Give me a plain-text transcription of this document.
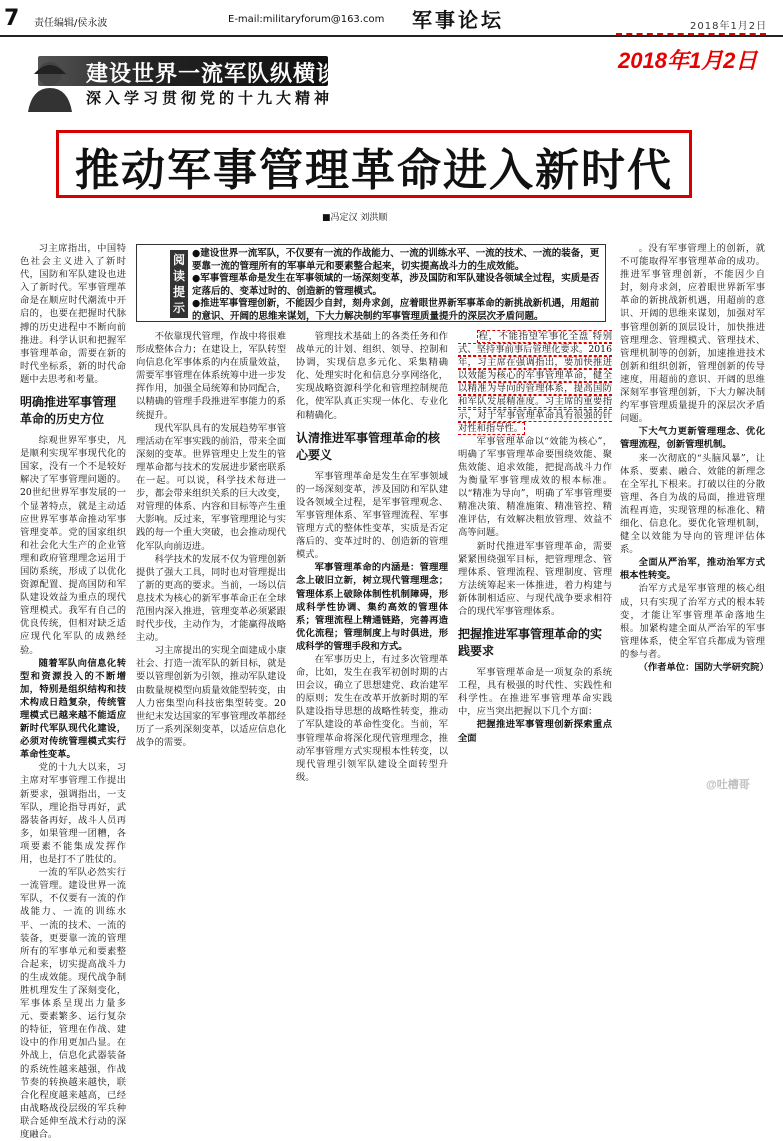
7 责任编辑/侯永波	E-mail:militaryforum@163.com 军事论坛	2018年1月2日
2018年1月2日
建设世界一流军队纵横谈
深入学习贯彻党的十九大精神
推动军事管理革命进入新时代
■冯定汉 刘洪顺
阅读提示
●建设世界一流军队，不仅要有一流的作战能力、一流的训练水平、一流的技术、一流的装备，更要靠一流的管理所有的军事单元和要素整合起来，切实提高战斗力的生成效能。
●军事管理革命是发生在军事领域的一场深刻变革，涉及国防和军队建设各领域全过程，实质是否定落后的、变革过时的、创造新的管理模式。
●推进军事管理创新，不能因少自封，刻舟求剑，应着眼世界新军事革命的新挑战新机遇，用超前的意识、开阔的思维来谋划，下大力解决制约军事管理质量提升的深层次矛盾问题。

习主席指出，中国特色社会主义进入了新时代，国防和军队建设也进入了新时代。军事管理革命是在顺应时代潮流中开启的，也要在把握时代脉搏的历史进程中不断向前推进。科学认识和把握军事管理革命，需要在新的时代坐标系，新的时代命题中去思考和考量。

明确推进军事管理革命的历史方位

综观世界军事史，凡是顺利实现军事现代化的国家，没有一个不是较好解决了军事管理问题的。20世纪世界军事发展的一个显著特点，就是主动适应世界军事革命推动军事管理变革。党的国家组织和社会化大生产的企业管理和政府管理理念运用于国防系统，形成了以优化资源配置、提高国防和军队建设效益为重点的现代管理模式。我军有自己的优良传统，但相对缺乏适应现代化军队的成熟经验。

随着军队向信息化转型和资源投入的不断增加，特别是组织结构和技术构成日趋复杂，传统管理模式已越来越不能适应新时代军队现代化建设，必须对传统管理模式实行革命性变革。

党的十九大以来，习主席对军事管理工作提出新要求，强调指出，一支军队，理论指导再好，武器装备再好，战斗人员再多，如果管理一团糟，各项要素不能集成发挥作用，也是打不了胜仗的。

一流的军队必然实行一流管理。建设世界一流军队，不仅要有一流的作战能力、一流的训练水平、一流的技术、一流的装备，更要靠一流的管理所有的军事单元和要素整合起来，切实提高战斗力的生成效能。现代战争制胜机理发生了深刻变化，军事体系呈现出力量多元、要素繁多、运行复杂的特征，管理在作战、建设中的作用更加凸显。在外战上，信息化武器装备的系统性越来越强，作战节奏的转换越来越快，联合化程度越来越高，已经由战略战役层级的军兵种联合延伸至战术行动的深度融合。

不依靠现代管理，作战中将很难形成整体合力；在建设上，军队转型向信息化军事体系的内在质量效益，需要军事管理在体系统筹中进一步发挥作用，加强全局统筹和协同配合，以精确的管理手段推进军事能力的系统提升。

现代军队具有的发展趋势军事管理活动在军事实践的前沿，带来全面深刻的变革。世界管理史上发生的管理革命都与技术的发展进步紧密联系在一起。可以说，科学技术每进一步，都会带来组织关系的巨大改变，对管理的体系、内容和目标等产生重大影响。反过来，军事管理理论与实践的每一个重大突破，也会推动现代化军队向前迈进。

科学技术的发展不仅为管理创新提供了强大工具，同时也对管理提出了新的更高的要求。当前，一场以信息技术为核心的新军事革命正在全球范围内深入推进，管理变革必须紧跟时代步伐，主动作为，才能赢得战略主动。

习主席提出的实现全面建成小康社会、打造一流军队的新目标，就是要以管理创新为引领，推动军队建设由数量规模型向质量效能型转变，由人力密集型向科技密集型转变。20世纪末发达国家的军事管理改革都经历了一系列深刻变革，以适应信息化战争的需要。

管理技术基础上的各类任务和作战单元的计划、组织、领导、控制和协调，实现信息多元化、采集精确化、处理实时化和信息分享网络化，实现战略资源科学化和管理控制规范化，使军队真正实现一体化、专业化和精确化。

认清推进军事管理革命的核心要义

军事管理革命是发生在军事领域的一场深刻变革，涉及国防和军队建设各领域全过程，是军事管理观念、军事管理体系、军事管理流程、军事管理方式的整体性变革，实质是否定落后的、变革过时的、创造新的管理模式。

军事管理革命的内涵是：管理理念上破旧立新，树立现代管理理念；管理体系上破除体制性机制障碍，形成科学性协调、集约高效的管理体系；管理流程上精通链路，完善再造优化流程；管理制度上与时俱进，形成科学的管理手段和方式。

在军事历史上，有过多次管理革命，比如，发生在我军初创时期的古田会议，确立了思想建党、政治建军的原则；发生在改革开放新时期的军队建设指导思想的战略性转变，推动了军队建设的革命性变化。当前，军事管理革命将深化现代管理理念，推动军事管理方式实现根本性转变，以现代管理引领军队建设全面转型升级。

程，不能指望军事化全盘 特别式、坚持事前事后管理化要求。2016年，习主席在强调指出，要加快推进以效能为核心的军事管理革命，健全以精准为导向的管理体系，提高国防和军队发展精准度。习主席的重要指示，对于军事管理革命具有很强的针对性和指导性。

军事管理革命以“效能为核心”，明确了军事管理革命要围绕效能、聚焦效能、追求效能，把提高战斗力作为衡量军事管理成效的根本标准。以“精准为导向”，明确了军事管理要精准决策、精准施策、精准管控、精准评估，有效解决粗放管理、效益不高等问题。

新时代推进军事管理革命，需要紧紧围绕强军目标，把管理理念、管理体系、管理流程、管理制度、管理方法统筹起来一体推进，着力构建与新体制相适应、与现代战争要求相符合的现代军事管理体系。

把握推进军事管理革命的实践要求

军事管理革命是一项复杂的系统工程，具有极强的时代性、实践性和科学性。在推进军事管理革命实践中，应当突出把握以下几个方面：

把握推进军事管理创新探索重点全面

。没有军事管理上的创新，就不可能取得军事管理革命的成功。推进军事管理创新，不能因少自封，刻舟求剑，应着眼世界新军事革命的新挑战新机遇，用超前的意识、开阔的思维来谋划，加强对军事管理创新的顶层设计，加快推进管理理念、管理模式、管理技术、管理机制等的创新，加速推进技术创新和组织创新，管理创新的传导速度，用超前的意识、开阔的思维深刻军事管理创新，下大力解决制约军事管理质量提升的深层次矛盾问题。

下大气力更新管理理念、优化管理流程，创新管理机制。

来一次彻底的“头脑风暴”，让体系、要素、融合、效能的新理念在全军扎下根来。打破以往的分散管理、各自为战的局面，推进管理流程再造，实现管理的标准化、精细化、信息化。要优化管理机制，健全以效能为导向的管理评估体系。

全面从严治军，推动治军方式根本性转变。

治军方式是军事管理的核心组成，只有实现了治军方式的根本转变，才能让军事管理革命落地生根。加紧构建全面从严治军的军事管理体系，使全军官兵都成为管理的参与者。

（作者单位：国防大学研究院）

@吐槽哥
